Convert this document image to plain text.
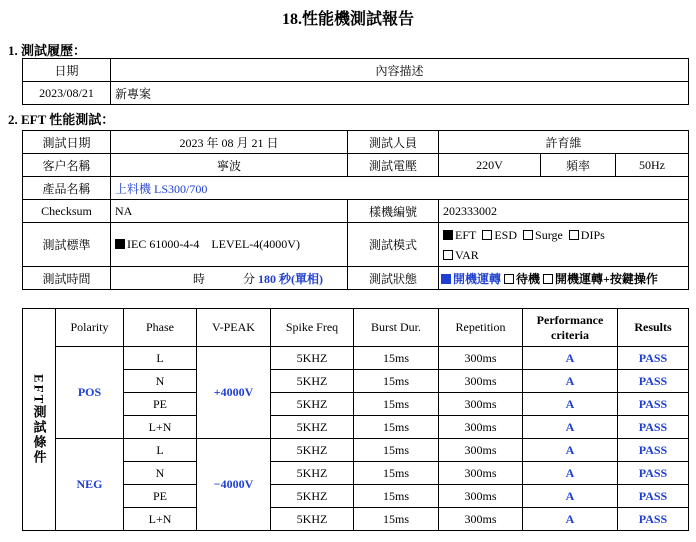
18.性能機測試報告
1. 測試履歷：
日期	內容描述
2023/08/21	新專案
2. EFT 性能測試：
測試日期	2023 年 08 月 21 日	測試人員	許育維		
客户名稱	寧波	測試電壓	220V	頻率	50Hz
產品名稱	上料機 LS300/700				
Checksum	NA	樣機編號	202333002		
測試標準	IEC 61000-4-4    LEVEL-4(4000V)	測試模式	EFT ESD Surge DIPs
VAR		
測試時間	時 分 180 秒(單相)	測試狀態	開機運轉 待機 開機運轉+按鍵操作		
EFT測試條件	Polarity	Phase	V-PEAK	Spike Freq	Burst Dur.	Repetition	Performance criteria	Results
	POS	L	+4000V	5KHZ	15ms	300ms	A	PASS
		N		5KHZ	15ms	300ms	A	PASS
		PE		5KHZ	15ms	300ms	A	PASS
		L+N		5KHZ	15ms	300ms	A	PASS
	NEG	L	−4000V	5KHZ	15ms	300ms	A	PASS
		N		5KHZ	15ms	300ms	A	PASS
		PE		5KHZ	15ms	300ms	A	PASS
		L+N		5KHZ	15ms	300ms	A	PASS
